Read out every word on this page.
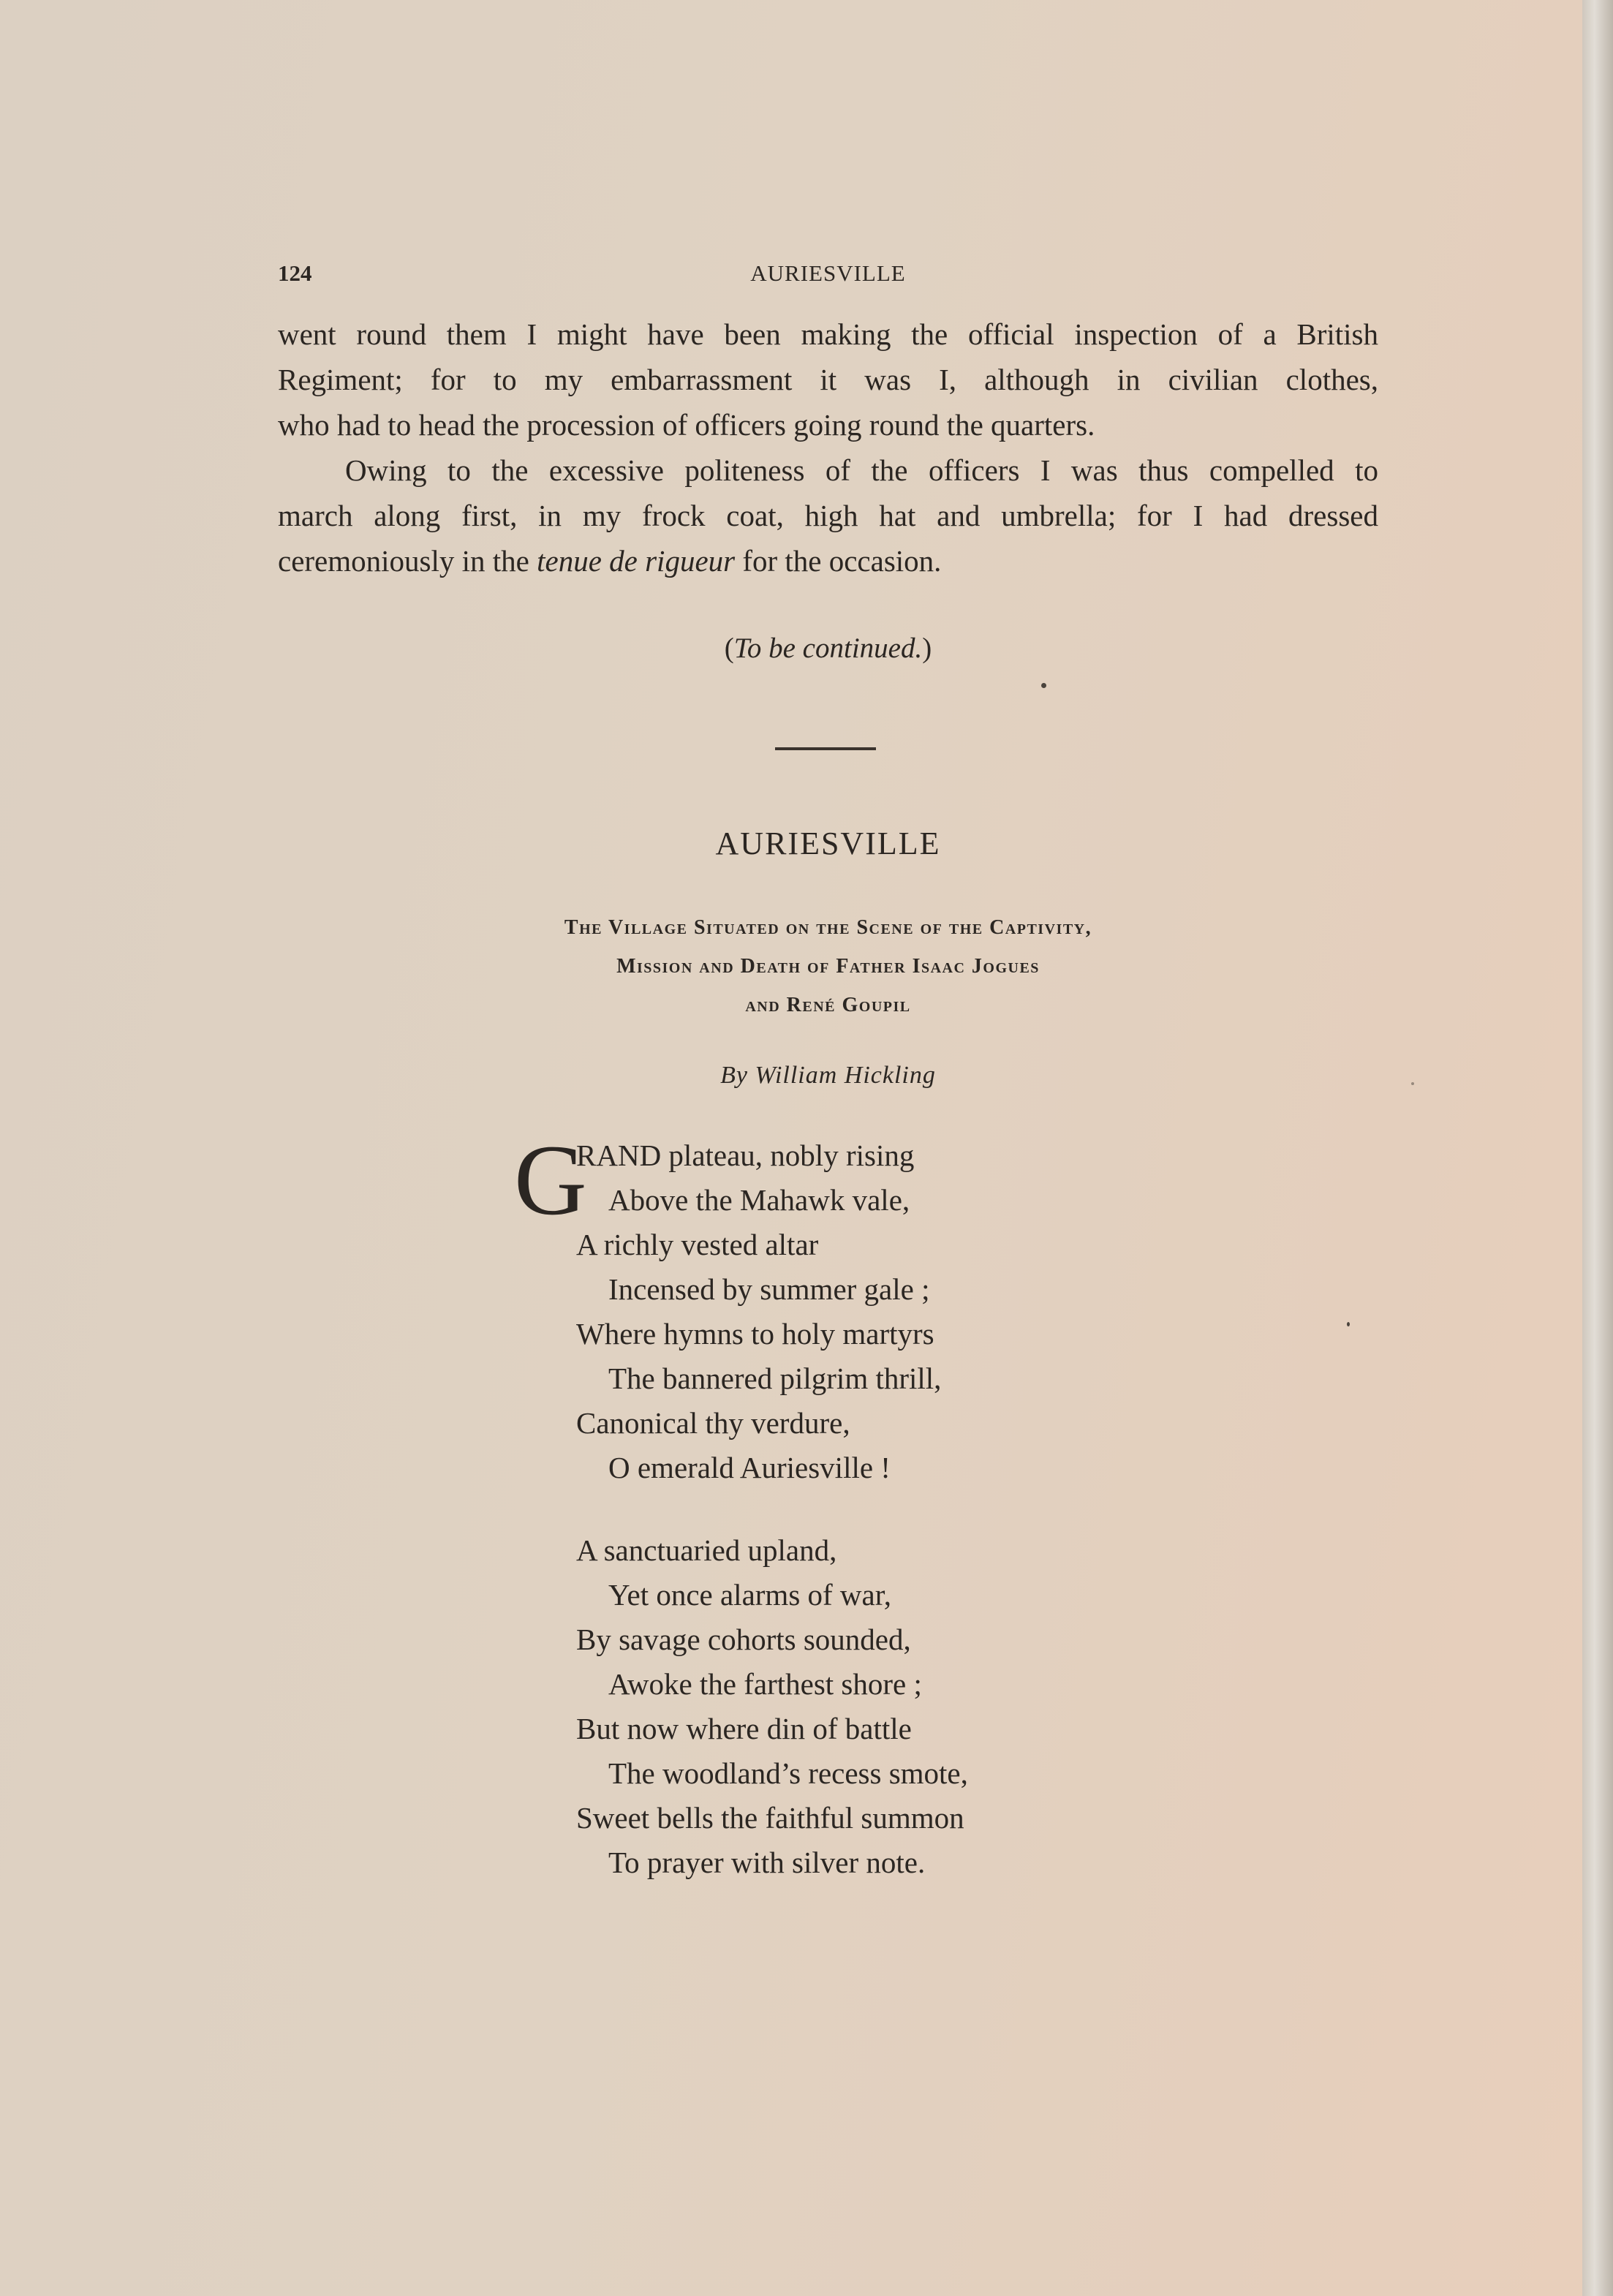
124	AURIESVILLE

went round them I might have been making the official inspection of a British
Regiment; for to my embarrassment it was I, although in civilian clothes,
who had to head the procession of officers going round the quarters.

Owing to the excessive politeness of the officers I was thus compelled to
march along first, in my frock coat, high hat and umbrella; for I had dressed
ceremoniously in the tenue de rigueur for the occasion.

(To be continued.)
AURIESVILLE
The Village Situated on the Scene of the Captivity,
Mission and Death of Father Isaac Jogues
and René Goupil
By William Hickling
G
RAND plateau, nobly rising
Above the Mahawk vale,
A richly vested altar
Incensed by summer gale ;
Where hymns to holy martyrs
The bannered pilgrim thrill,
Canonical thy verdure,
O emerald Auriesville !
A sanctuaried upland,
Yet once alarms of war,
By savage cohorts sounded,
Awoke the farthest shore ;
But now where din of battle
The woodland’s recess smote,
Sweet bells the faithful summon
To prayer with silver note.
